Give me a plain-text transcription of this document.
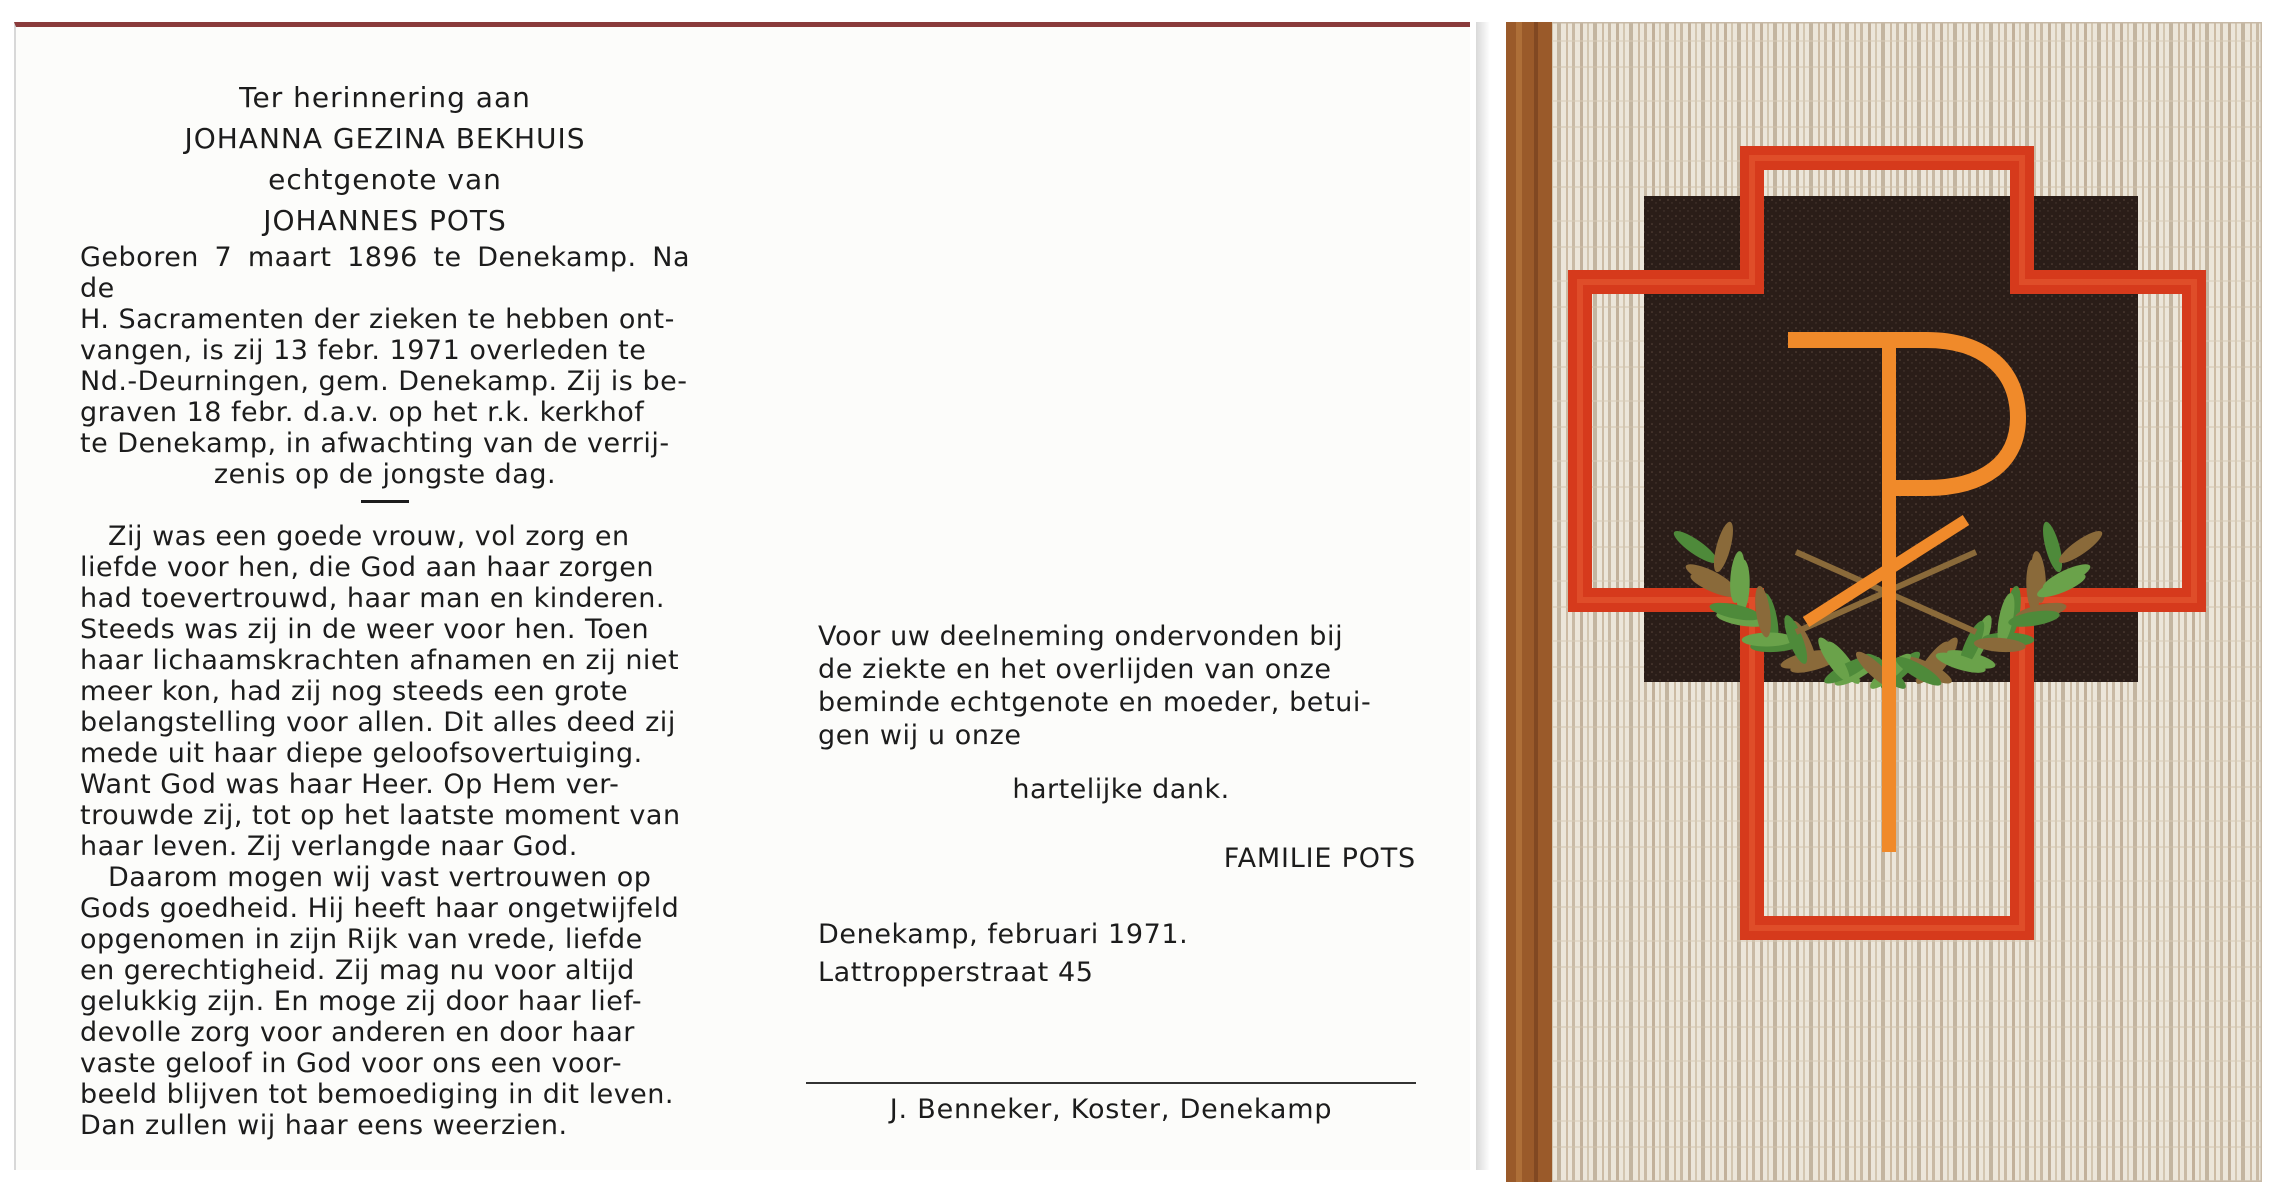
Ter herinnering aan
JOHANNA GEZINA BEKHUIS
echtgenote van
JOHANNES POTS

Geboren 7 maart 1896 te Denekamp. Na de

H. Sacramenten der zieken te hebben ont-

vangen, is zij 13 febr. 1971 overleden te

Nd.-Deurningen, gem. Denekamp. Zij is be-

graven 18 febr. d.a.v. op het r.k. kerkhof

te Denekamp, in afwachting van de verrij-

zenis op de jongste dag.

Zij was een goede vrouw, vol zorg en

liefde voor hen, die God aan haar zorgen

had toevertrouwd, haar man en kinderen.

Steeds was zij in de weer voor hen. Toen

haar lichaamskrachten afnamen en zij niet

meer kon, had zij nog steeds een grote

belangstelling voor allen. Dit alles deed zij

mede uit haar diepe geloofsovertuiging.

Want God was haar Heer. Op Hem ver-

trouwde zij, tot op het laatste moment van

haar leven. Zij verlangde naar God.

Daarom mogen wij vast vertrouwen op

Gods goedheid. Hij heeft haar ongetwijfeld

opgenomen in zijn Rijk van vrede, liefde

en gerechtigheid. Zij mag nu voor altijd

gelukkig zijn. En moge zij door haar lief-

devolle zorg voor anderen en door haar

vaste geloof in God voor ons een voor-

beeld blijven tot bemoediging in dit leven.

Dan zullen wij haar eens weerzien.

Voor uw deelneming ondervonden bij
de ziekte en het overlijden van onze
beminde echtgenote en moeder, betui-
gen wij u onze
hartelijke dank.
FAMILIE POTS
Denekamp, februari 1971.
Lattropperstraat 45
J. Benneker, Koster, Denekamp
